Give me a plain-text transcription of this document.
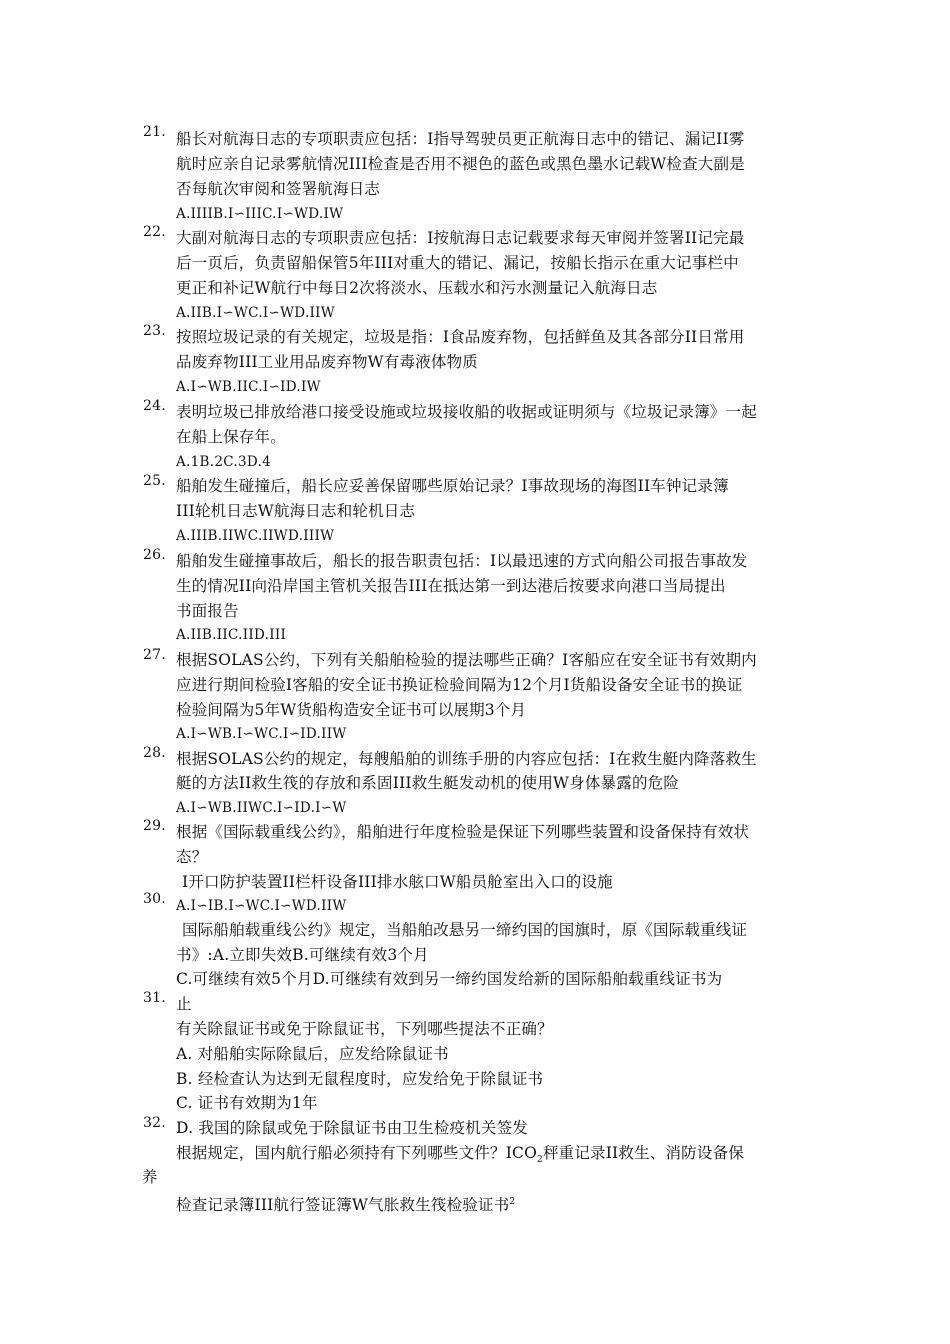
21.
22.
23.
24.
25.
26.
27.
28.
29.
30.
31.
32.
船长对航海日志的专项职责应包括：I指导驾驶员更正航海日志中的错记、漏记II雾
航时应亲自记录雾航情况III检查是否用不褪色的蓝色或黑色墨水记载W检查大副是
否每航次审阅和签署航海日志
A.IIIIB.I∽IIIC.I∽WD.IW
大副对航海日志的专项职责应包括：I按航海日志记载要求每天审阅并签署II记完最
后一页后，负责留船保管5年III对重大的错记、漏记，按船长指示在重大记事栏中
更正和补记W航行中每日2次将淡水、压载水和污水测量记入航海日志
A.IIB.I∽WC.I∽WD.IIW
按照垃圾记录的有关规定，垃圾是指：I食品废弃物，包括鲜鱼及其各部分II日常用
品废弃物III工业用品废弃物W有毒液体物质
A.I∽WB.IIC.I∽ID.IW
表明垃圾已排放给港口接受设施或垃圾接收船的收据或证明须与《垃圾记录簿》一起
在船上保存年。
A.1B.2C.3D.4
船舶发生碰撞后，船长应妥善保留哪些原始记录？I事故现场的海图II车钟记录簿
III轮机日志W航海日志和轮机日志
A.IIIB.IIWC.IIWD.IIIW
船舶发生碰撞事故后，船长的报告职责包括：I以最迅速的方式向船公司报告事故发
生的情况II向沿岸国主管机关报告III在抵达第一到达港后按要求向港口当局提出
书面报告
A.IIB.IIC.IID.III
根据SOLAS公约，下列有关船舶检验的提法哪些正确？I客船应在安全证书有效期内
应进行期间检验I客船的安全证书换证检验间隔为12个月I货船设备安全证书的换证
检验间隔为5年W货船构造安全证书可以展期3个月
A.I∽WB.I∽WC.I∽ID.IIW
根据SOLAS公约的规定，每艘船舶的训练手册的内容应包括：I在救生艇内降落救生
艇的方法II救生筏的存放和系固III救生艇发动机的使用W身体暴露的危险
A.I∽WB.IIWC.I∽ID.I∽W
根据《国际载重线公约》，船舶进行年度检验是保证下列哪些装置和设备保持有效状
态？
I开口防护装置II栏杆设备III排水舷口W船员舱室出入口的设施
A.I∽IB.I∽WC.I∽WD.IIW
国际船舶载重线公约》规定，当船舶改悬另一缔约国的国旗时，原《国际载重线证
书》:A.立即失效B.可继续有效3个月
C.可继续有效5个月D.可继续有效到另一缔约国发给新的国际船舶载重线证书为
止
有关除鼠证书或免于除鼠证书，下列哪些提法不正确？
A. 对船舶实际除鼠后，应发给除鼠证书
B. 经检查认为达到无鼠程度时，应发给免于除鼠证书
C. 证书有效期为1年
D. 我国的除鼠或免于除鼠证书由卫生检疫机关签发
根据规定，国内航行船必须持有下列哪些文件？$ICO_2$秤重记录II救生、消防设备保
养
检查记录簿III航行签证簿W气胀救生筏检验证书$^2$
